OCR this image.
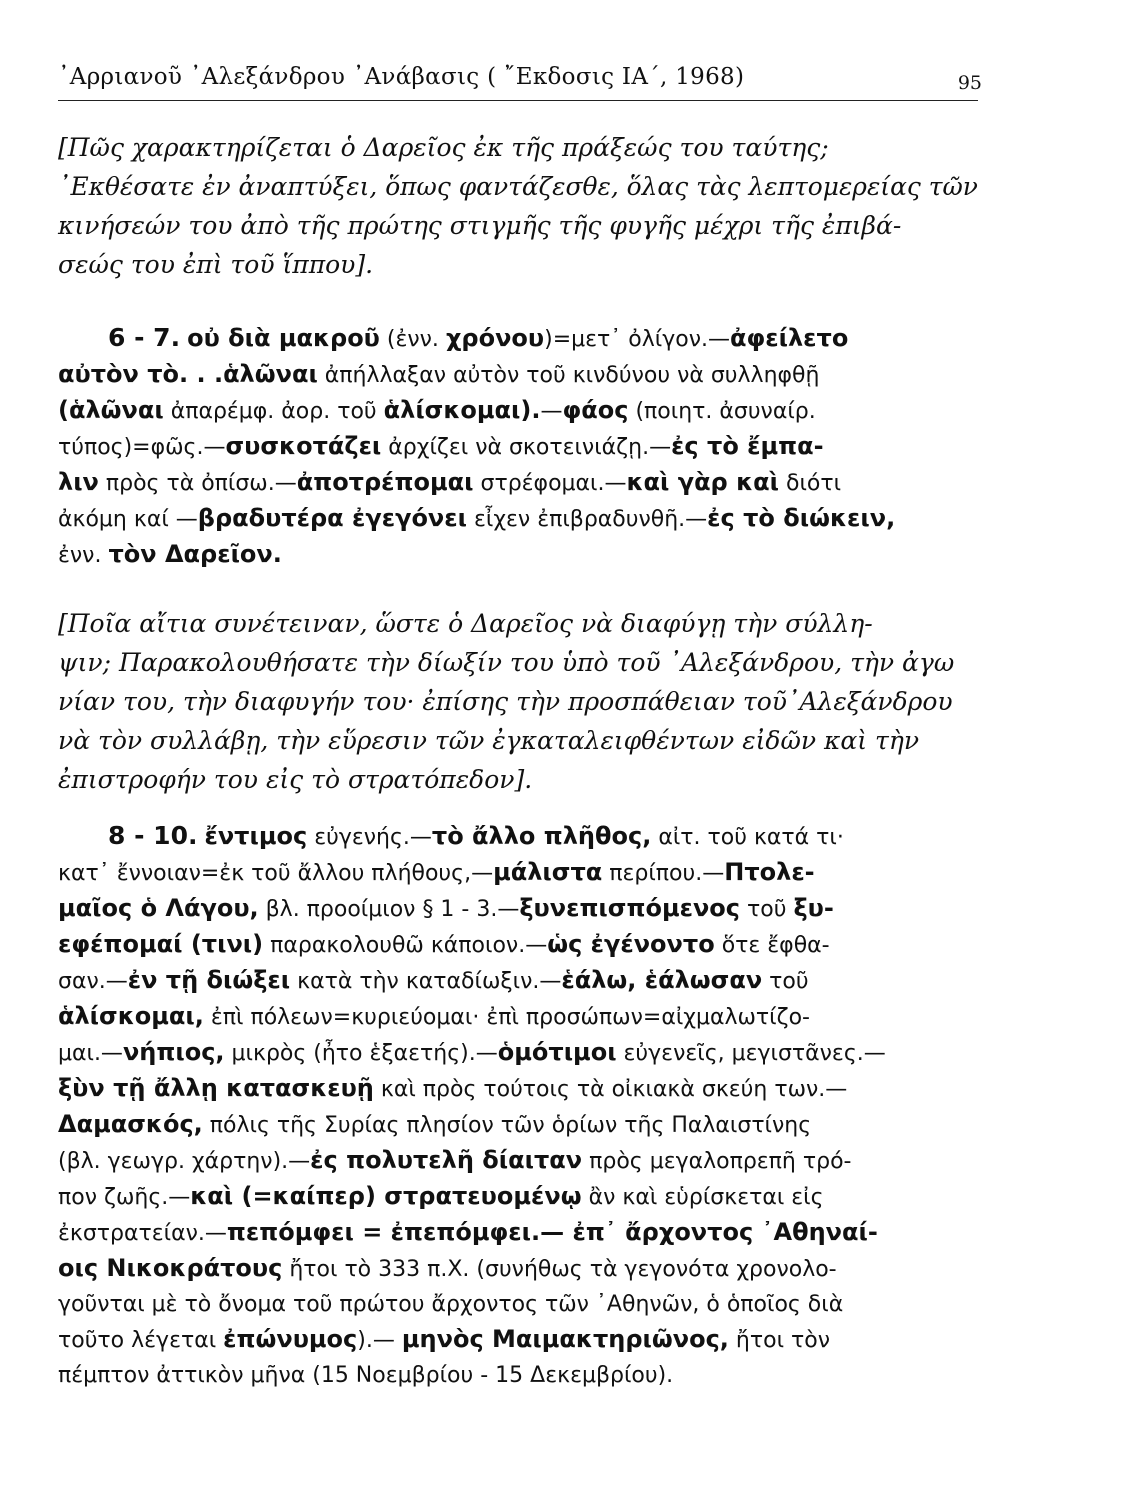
᾿Αρριανοῦ ᾿Αλεξάνδρου ᾿Ανάβασις ( ῎Εκδοσις ΙΑ΄, 1968)	95

[Πῶς χαρακτηρίζεται ὁ Δαρεῖος ἐκ τῆς πράξεώς του ταύτης;
᾿Εκθέσατε ἐν ἀναπτύξει, ὅπως φαντάζεσθε, ὅλας τὰς λεπτομερείας τῶν
κινήσεών του ἀπὸ τῆς πρώτης στιγμῆς τῆς φυγῆς μέχρι τῆς ἐπιβά-
σεώς του ἐπὶ τοῦ ἵππου].

6 - 7. οὐ διὰ μακροῦ (ἐνν. χρόνου)=μετ᾿ ὀλίγον.—ἀφείλετο
αὐτὸν τὸ. . .ἁλῶναι ἀπήλλαξαν αὐτὸν τοῦ κινδύνου νὰ συλληφθῇ
(ἁλῶναι ἀπαρέμφ. ἀορ. τοῦ ἁλίσκομαι).—φάος (ποιητ. ἀσυναίρ.
τύπος)=φῶς.—συσκοτάζει ἀρχίζει νὰ σκοτεινιάζῃ.—ἐς τὸ ἔμπα-
λιν πρὸς τὰ ὀπίσω.—ἀποτρέπομαι στρέφομαι.—καὶ γὰρ καὶ διότι
ἀκόμη καί —βραδυτέρα ἐγεγόνει εἶχεν ἐπιβραδυνθῆ.—ἐς τὸ διώκειν,
ἐνν. τὸν Δαρεῖον.

[Ποῖα αἴτια συνέτειναν, ὥστε ὁ Δαρεῖος νὰ διαφύγῃ τὴν σύλλη-
ψιν; Παρακολουθήσατε τὴν δίωξίν του ὑπὸ τοῦ ᾿Αλεξάνδρου, τὴν ἀγω
νίαν του, τὴν διαφυγήν του· ἐπίσης τὴν προσπάθειαν τοῦ᾿Αλεξάνδρου
νὰ τὸν συλλάβῃ, τὴν εὕρεσιν τῶν ἐγκαταλειφθέντων εἰδῶν καὶ τὴν
ἐπιστροφήν του εἰς τὸ στρατόπεδον].

8 - 10. ἔντιμος εὐγενής.—τὸ ἄλλο πλῆθος, αἰτ. τοῦ κατά τι·
κατ᾿ ἔννοιαν=ἐκ τοῦ ἄλλου πλήθους,—μάλιστα περίπου.—Πτολε-
μαῖος ὁ Λάγου, βλ. προοίμιον § 1 - 3.—ξυνεπισπόμενος τοῦ ξυ-
εφέπομαί (τινι) παρακολουθῶ κάποιον.—ὡς ἐγένοντο ὅτε ἔφθα-
σαν.—ἐν τῇ διώξει κατὰ τὴν καταδίωξιν.—ἑάλω, ἑάλωσαν τοῦ
ἁλίσκομαι, ἐπὶ πόλεων=κυριεύομαι· ἐπὶ προσώπων=αἰχμαλωτίζο-
μαι.—νήπιος, μικρὸς (ἦτο ἑξαετής).—ὁμότιμοι εὐγενεῖς, μεγιστᾶνες.—
ξὺν τῇ ἄλλῃ κατασκευῇ καὶ πρὸς τούτοις τὰ οἰκιακὰ σκεύη των.—
Δαμασκός, πόλις τῆς Συρίας πλησίον τῶν ὁρίων τῆς Παλαιστίνης
(βλ. γεωγρ. χάρτην).—ἐς πολυτελῆ δίαιταν πρὸς μεγαλοπρεπῆ τρό-
πον ζωῆς.—καὶ (=καίπερ) στρατευομένῳ ἂν καὶ εὑρίσκεται εἰς
ἐκστρατείαν.—πεπόμφει = ἐπεπόμφει.— ἐπ᾿ ἄρχοντος ᾿Αθηναί-
οις Νικοκράτους ἤτοι τὸ 333 π.Χ. (συνήθως τὰ γεγονότα χρονολο-
γοῦνται μὲ τὸ ὄνομα τοῦ πρώτου ἄρχοντος τῶν ᾿Αθηνῶν, ὁ ὁποῖος διὰ
τοῦτο λέγεται ἐπώνυμος).— μηνὸς Μαιμακτηριῶνος, ἤτοι τὸν
πέμπτον ἀττικὸν μῆνα (15 Νοεμβρίου - 15 Δεκεμβρίου).
